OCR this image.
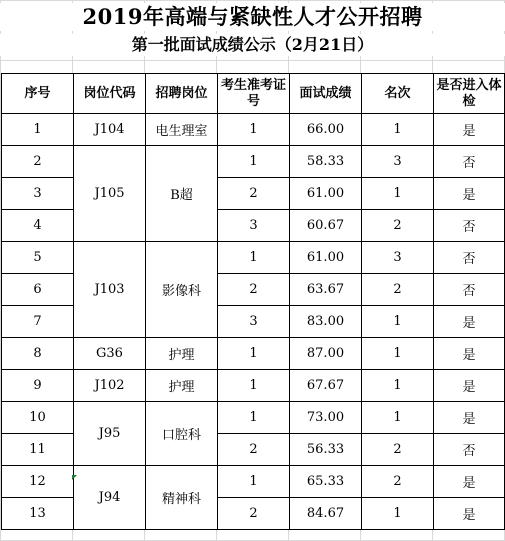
2019年高端与紧缺性人才公开招聘
第一批面试成绩公示（2月21日）
序号	岗位代码	招聘岗位	考生准考证号	面试成绩	名次	是否进入体检
1	J104	电生理室	1	66.00	1	是
2	J105	B超	1	58.33	3	否
3			2	61.00	1	是
4			3	60.67	2	否
5	J103	影像科	1	61.00	3	否
6			2	63.67	2	否
7			3	83.00	1	是
8	G36	护理	1	87.00	1	是
9	J102	护理	1	67.67	1	是
10	J95	口腔科	1	73.00	1	是
11			2	56.33	2	否
12	J94	精神科	1	65.33	2	是
13			2	84.67	1	是
